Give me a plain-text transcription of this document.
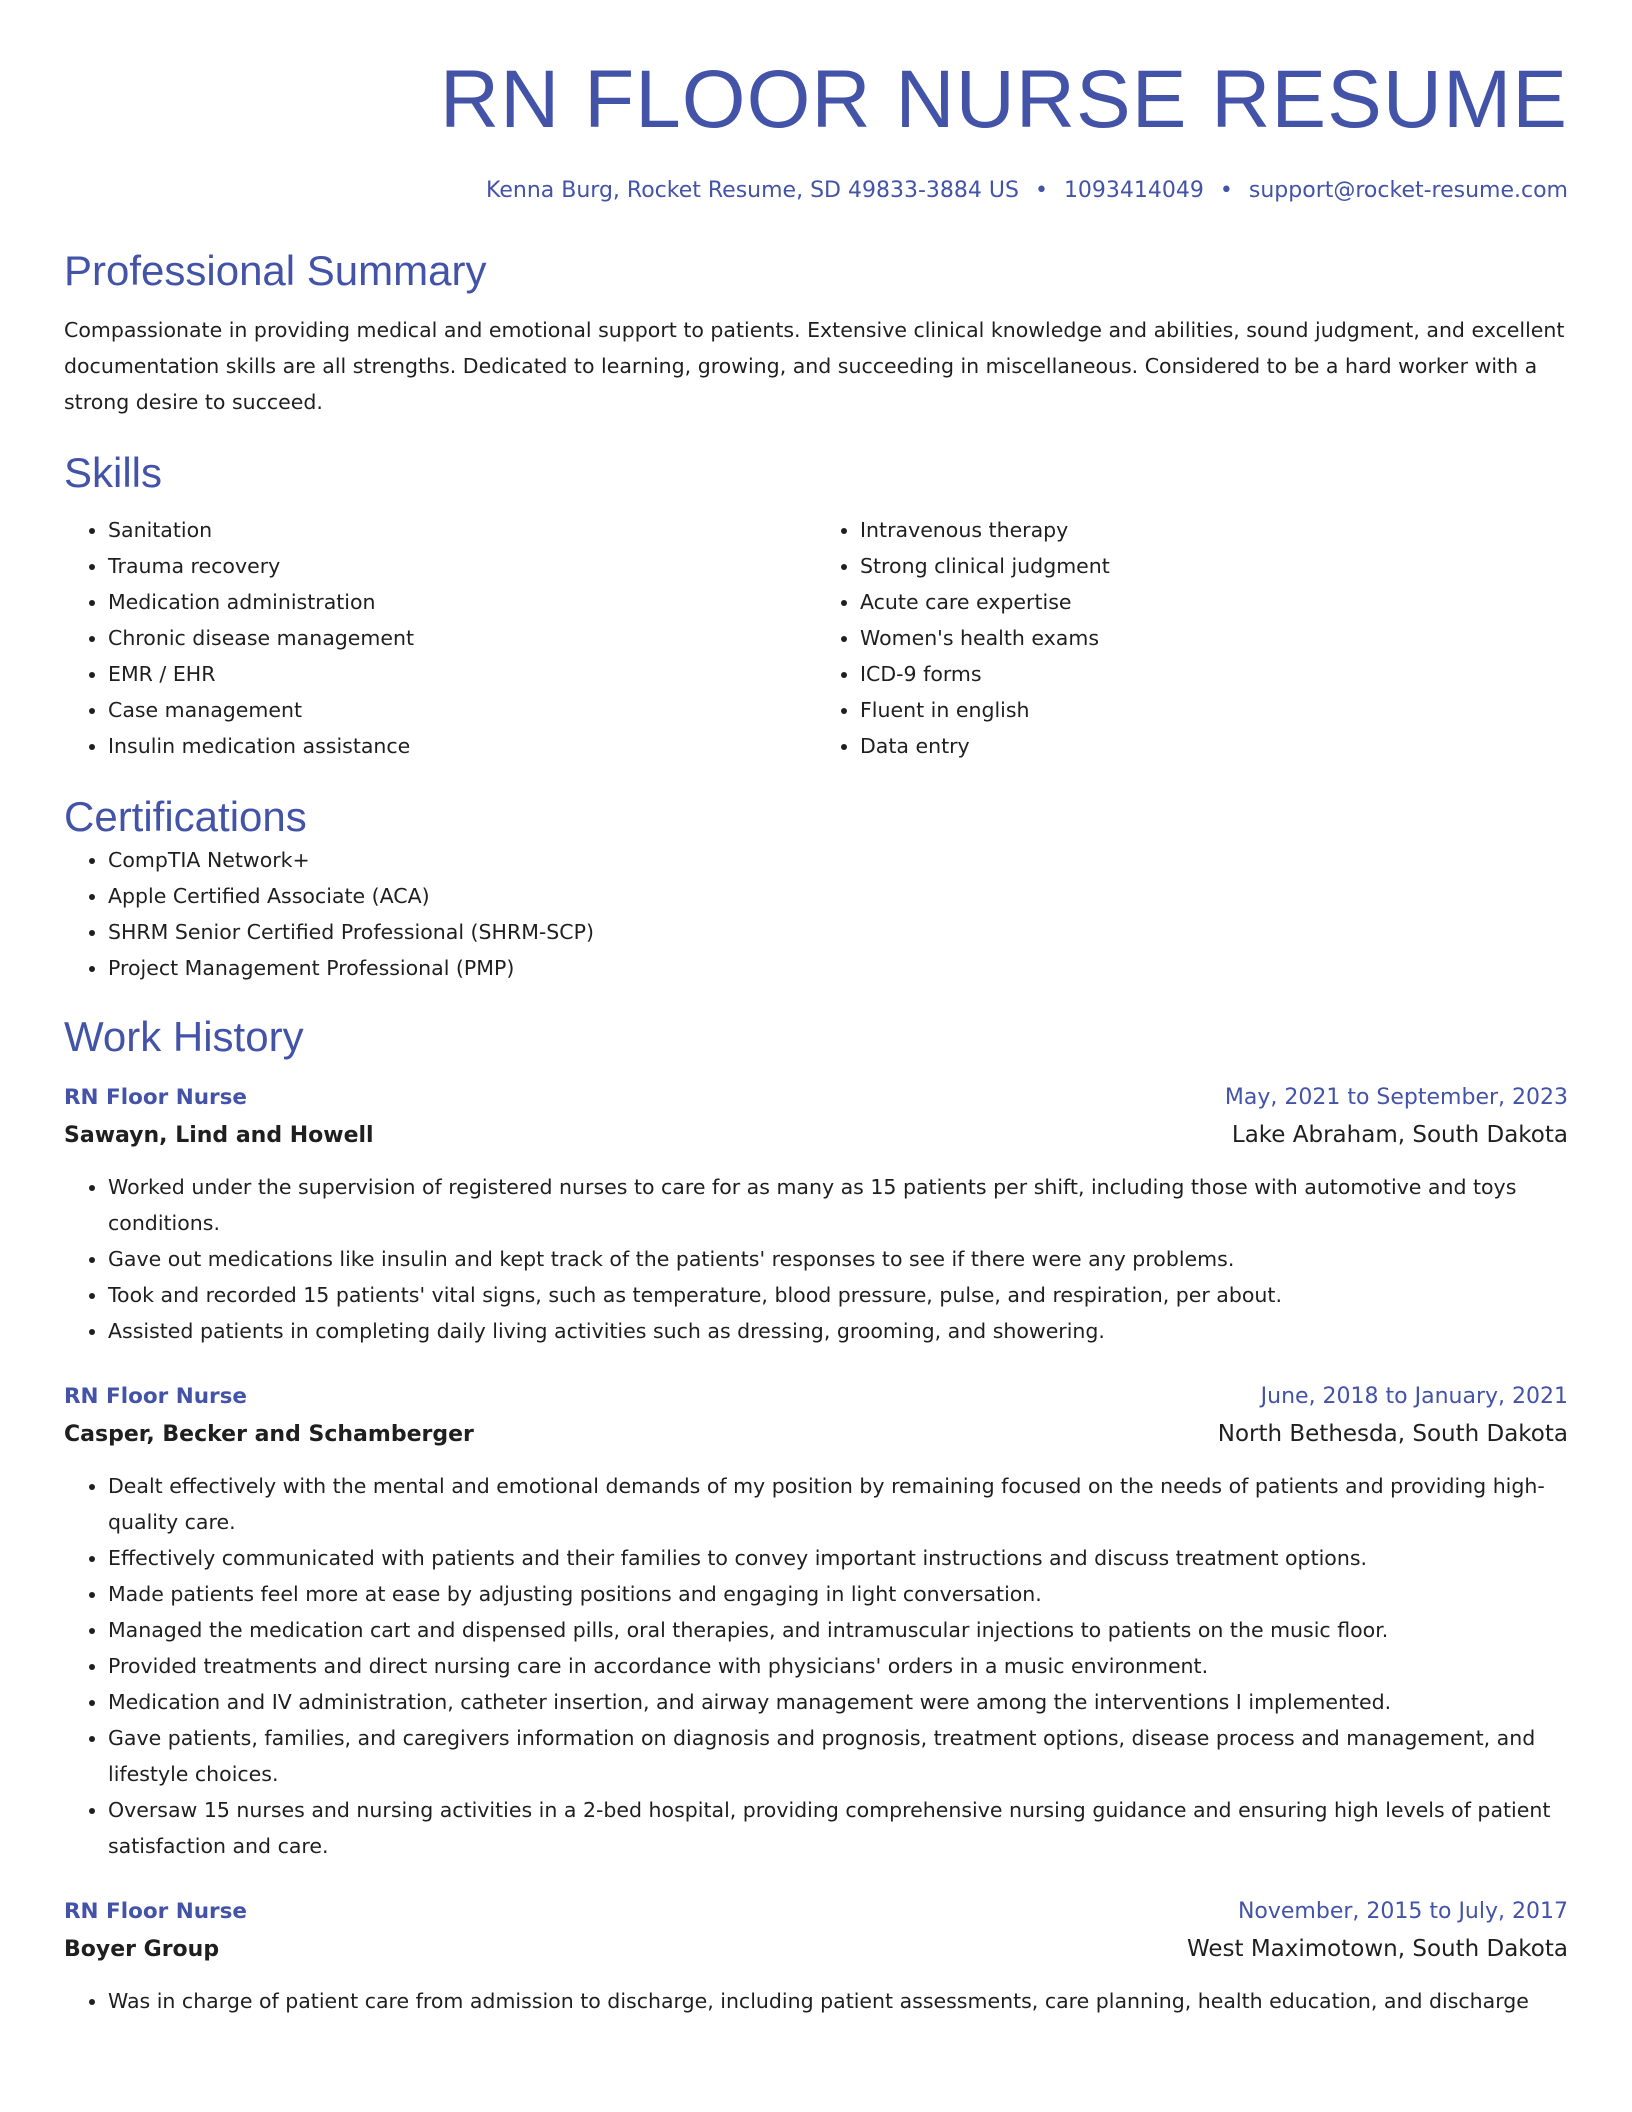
RN FLOOR NURSE RESUME
Kenna Burg, Rocket Resume, SD 49833-3884 US • 1093414049 • support@rocket-resume.com
Professional Summary
Compassionate in providing medical and emotional support to patients. Extensive clinical knowledge and abilities, sound judgment, and excellent documentation skills are all strengths. Dedicated to learning, growing, and succeeding in miscellaneous. Considered to be a hard worker with a strong desire to succeed.
Skills
• Sanitation
• Trauma recovery
• Medication administration
• Chronic disease management
• EMR / EHR
• Case management
• Insulin medication assistance
• Intravenous therapy
• Strong clinical judgment
• Acute care expertise
• Women's health exams
• ICD-9 forms
• Fluent in english
• Data entry
Certifications
• CompTIA Network+
• Apple Certified Associate (ACA)
• SHRM Senior Certified Professional (SHRM-SCP)
• Project Management Professional (PMP)
Work History
RN Floor Nurse	May, 2021 to September, 2023
Sawayn, Lind and Howell	Lake Abraham, South Dakota
• Worked under the supervision of registered nurses to care for as many as 15 patients per shift, including those with automotive and toys conditions.
• Gave out medications like insulin and kept track of the patients' responses to see if there were any problems.
• Took and recorded 15 patients' vital signs, such as temperature, blood pressure, pulse, and respiration, per about.
• Assisted patients in completing daily living activities such as dressing, grooming, and showering.
RN Floor Nurse	June, 2018 to January, 2021
Casper, Becker and Schamberger	North Bethesda, South Dakota
• Dealt effectively with the mental and emotional demands of my position by remaining focused on the needs of patients and providing high-quality care.
• Effectively communicated with patients and their families to convey important instructions and discuss treatment options.
• Made patients feel more at ease by adjusting positions and engaging in light conversation.
• Managed the medication cart and dispensed pills, oral therapies, and intramuscular injections to patients on the music floor.
• Provided treatments and direct nursing care in accordance with physicians' orders in a music environment.
• Medication and IV administration, catheter insertion, and airway management were among the interventions I implemented.
• Gave patients, families, and caregivers information on diagnosis and prognosis, treatment options, disease process and management, and lifestyle choices.
• Oversaw 15 nurses and nursing activities in a 2-bed hospital, providing comprehensive nursing guidance and ensuring high levels of patient satisfaction and care.
RN Floor Nurse	November, 2015 to July, 2017
Boyer Group	West Maximotown, South Dakota
• Was in charge of patient care from admission to discharge, including patient assessments, care planning, health education, and discharge
